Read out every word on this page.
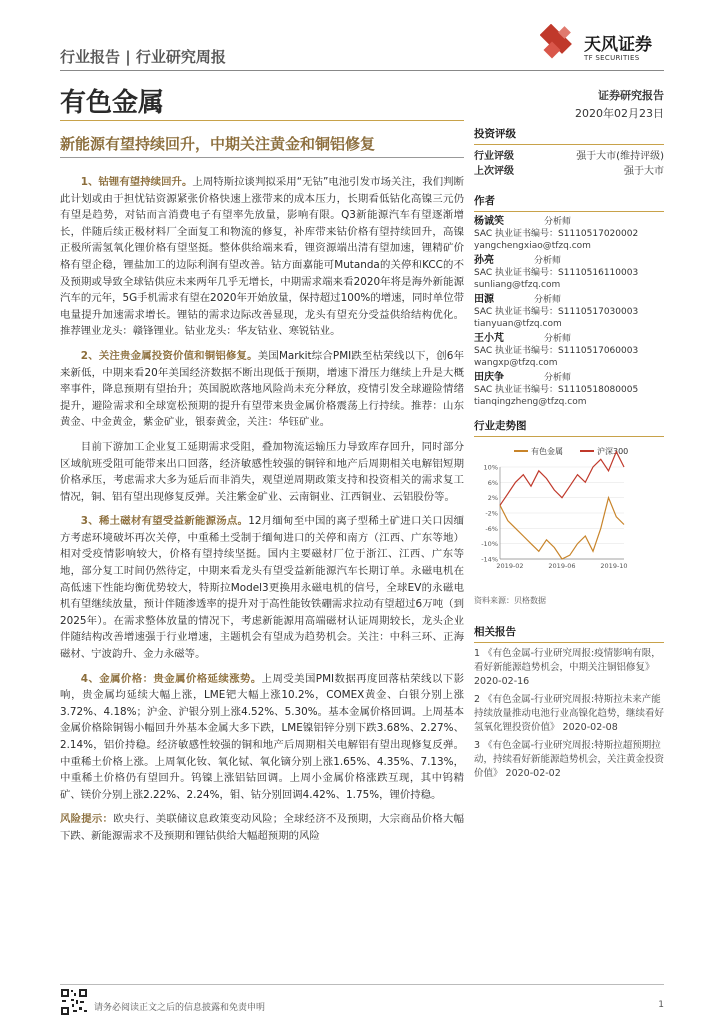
行业报告 | 行业研究周报
天风证券
TF SECURITIES
有色金属	证券研究报告
2020年02月23日
新能源有望持续回升，中期关注黄金和铜铝修复

1、钴锂有望持续回升。上周特斯拉谈判拟采用“无钴”电池引发市场关注，我们判断此计划或由于担忧钴资源紧张价格快速上涨带来的成本压力，长期看低钴化高镍三元仍有望是趋势，对钴而言消费电子有望率先放量，影响有限。Q3新能源汽车有望逐渐增长，伴随后续正极材料厂全面复工和物流的修复，补库带来钴价格有望持续回升，高镍正极所需氢氧化锂价格有望坚挺。整体供给端来看，锂资源端出清有望加速，锂精矿价格有望企稳，锂盐加工的边际利润有望改善。钴方面嘉能可Mutanda的关停和KCC的不及预期或导致全球钴供应未来两年几乎无增长，中期需求端来看2020年将是海外新能源汽车的元年，5G手机需求有望在2020年开始放量，保持超过100%的增速，同时单位带电量提升加速需求增长。锂钴的需求边际改善显现，龙头有望充分受益供给结构优化。推荐锂业龙头：赣锋锂业。钴业龙头：华友钴业、寒锐钴业。

2、关注贵金属投资价值和铜铝修复。美国Markit综合PMI跌至枯荣线以下，创6年来新低，中期来看20年美国经济数据不断出现低于预期，增速下滑压力继续上升是大概率事件，降息预期有望抬升；英国脱欧落地风险尚未充分释放，疫情引发全球避险情绪提升，避险需求和全球宽松预期的提升有望带来贵金属价格震荡上行持续。推荐：山东黄金、中金黄金，紫金矿业，银泰黄金，关注：华钰矿业。

目前下游加工企业复工延期需求受阻，叠加物流运输压力导致库存回升，同时部分区域航班受阻可能带来出口回落，经济敏感性较强的铜锌和地产后周期相关电解铝短期价格承压，考虑需求大多为延后而非消失，观望逆周期政策支持和投资相关的需求复工情况，铜、铝有望出现修复反弹。关注紫金矿业、云南铜业、江西铜业、云铝股份等。

3、稀土磁材有望受益新能源汤点。12月缅甸至中国的离子型稀土矿进口关口因缅方考虑环境破坏再次关停，中重稀土受制于缅甸进口的关停和南方（江西、广东等地）相对受疫情影响较大，价格有望持续坚挺。国内主要磁材厂位于浙江、江西、广东等地，部分复工时间仍然待定，中期来看龙头有望受益新能源汽车长期订单。永磁电机在高低速下性能均衡优势较大，特斯拉Model3更换用永磁电机的信号，全球EV的永磁电机有望继续放量，预计伴随渗透率的提升对于高性能钕铁硼需求拉动有望超过6万吨（到2025年）。在需求整体放量的情况下，考虑新能源用高端磁材认证周期较长，龙头企业伴随结构改善增速强于行业增速，主题机会有望成为趋势机会。关注：中科三环、正海磁材、宁波韵升、金力永磁等。

4、金属价格：贵金属价格延续涨势。上周受美国PMI数据再度回落枯荣线以下影响，贵金属均延续大幅上涨，LME钯大幅上涨10.2%，COMEX黄金、白银分别上涨3.72%、4.18%；沪金、沪银分别上涨4.52%、5.30%。基本金属价格回调。上周基本金属价格除铜锡小幅回升外基本金属大多下跌，LME镍铝锌分别下跌3.68%、2.27%、2.14%，铝价持稳。经济敏感性较强的铜和地产后周期相关电解铝有望出现修复反弹。中重稀土价格上涨。上周氧化钕、氧化铽、氧化镝分别上涨1.65%、4.35%、7.13%，中重稀土价格仍有望回升。钨镍上涨铝钴回调。上周小金属价格涨跌互现，其中钨精矿、镁价分别上涨2.22%、2.24%，钼、钴分别回调4.42%、1.75%，锂价持稳。

风险提示：欧央行、美联储议息政策变动风险；全球经济不及预期，大宗商品价格大幅下跌、新能源需求不及预期和锂钴供给大幅超预期的风险

投资评级
行业评级	强于大市(维持评级)
上次评级	强于大市
作者
杨诚笑	分析师
SAC 执业证书编号：S1110517020002
yangchengxiao@tfzq.com
孙亮	分析师
SAC 执业证书编号：S1110516110003
sunliang@tfzq.com
田源	分析师
SAC 执业证书编号：S1110517030003
tianyuan@tfzq.com
王小芃	分析师
SAC 执业证书编号：S1110517060003
wangxp@tfzq.com
田庆争	分析师
SAC 执业证书编号：S1110518080005
tianqingzheng@tfzq.com
行业走势图
有色金属	沪深300
10%
6%
2%
-2%
-6%
-10%
-14%
2019-02	2019-06	2019-10
资料来源：贝格数据
相关报告
1 《有色金属-行业研究周报:疫情影响有限，看好新能源趋势机会，中期关注铜铝修复》 2020-02-16
2 《有色金属-行业研究周报:特斯拉未来产能持续放量推动电池行业高镍化趋势，继续看好氢氧化锂投资价值》 2020-02-08
3 《有色金属-行业研究周报:特斯拉超预期拉动，持续看好新能源趋势机会，关注黄金投资价值》 2020-02-02
请务必阅读正文之后的信息披露和免责申明	1
